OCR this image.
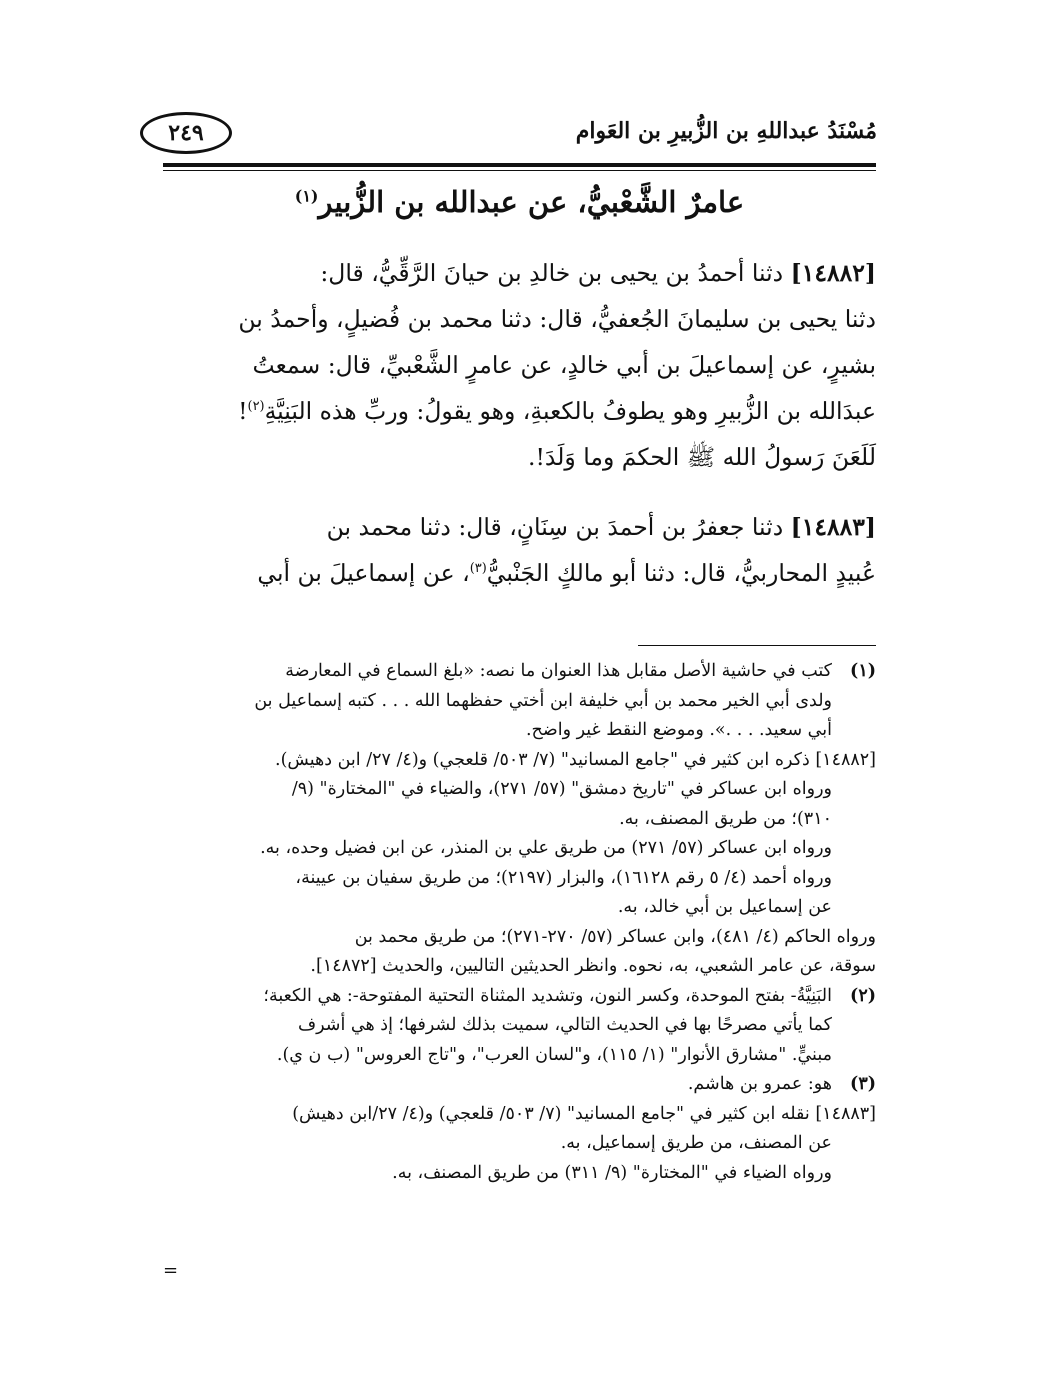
مُسْنَدُ عبداللهِ بن الزُّبيرِ بن العَوام
٢٤٩
عامرٌ الشَّعْبيُّ، عن عبدالله بن الزُّبير$^{(١)}$

[١٤٨٨٢] دثنا أحمدُ بن يحيى بن خالدِ بن حيانَ الرَّقِّيُّ، قال:
دثنا يحيى بن سليمانَ الجُعفيُّ، قال: دثنا محمد بن فُضيلٍ، وأحمدُ بن
بشيرٍ، عن إسماعيلَ بن أبي خالدٍ، عن عامرٍ الشَّعْبيِّ، قال: سمعتُ
عبدَالله بن الزُّبيرِ وهو يطوفُ بالكعبةِ، وهو يقولُ: وربِّ هذه البَنِيَّةِ$^{(٢)}$!
لَلَعَنَ رَسولُ الله ﷺ الحكمَ وما وَلَدَ!.

[١٤٨٨٣] دثنا جعفرُ بن أحمدَ بن سِنَانٍ، قال: دثنا محمد بن
عُبيدٍ المحاربيُّ، قال: دثنا أبو مالكٍ الجَنْبيُّ$^{(٣)}$، عن إسماعيلَ بن أبي

(١)
كتب في حاشية الأصل مقابل هذا العنوان ما نصه: «بلغ السماع في المعارضة
ولدى أبي الخير محمد بن أبي خليفة ابن أختي حفظهما الله . . . كتبه إسماعيل بن
أبي سعيد. . . .». وموضع النقط غير واضح.
[١٤٨٨٢] ذكره ابن كثير في "جامع المسانيد" (٧/ ٥٠٣/ قلعجي) و(٤/ ٢٧/ ابن دهيش).
ورواه ابن عساكر في "تاريخ دمشق" (٥٧/ ٢٧١)، والضياء في "المختارة" (٩/
٣١٠)؛ من طريق المصنف، به.
ورواه ابن عساكر (٥٧/ ٢٧١) من طريق علي بن المنذر، عن ابن فضيل وحده، به.
ورواه أحمد (٤/ ٥ رقم ١٦١٢٨)، والبزار (٢١٩٧)؛ من طريق سفيان بن عيينة،
عن إسماعيل بن أبي خالد، به.
ورواه الحاكم (٤/ ٤٨١)، وابن عساكر (٥٧/ ٢٧٠-٢٧١)؛ من طريق محمد بن
سوقة، عن عامر الشعبي، به، نحوه. وانظر الحديثين التاليين، والحديث [١٤٨٧٢].
(٢)
البَنِيَّةُ- بفتح الموحدة، وكسر النون، وتشديد المثناة التحتية المفتوحة-: هي الكعبة؛
كما يأتي مصرحًا بها في الحديث التالي، سميت بذلك لشرفها؛ إذ هي أشرف
مبنيٍّ. "مشارق الأنوار" (١/ ١١٥)، و"لسان العرب"، و"تاج العروس" (ب ن ي).
(٣)
هو: عمرو بن هاشم.
[١٤٨٨٣] نقله ابن كثير في "جامع المسانيد" (٧/ ٥٠٣/ قلعجي) و(٤/ ٢٧/ابن دهيش)
عن المصنف، من طريق إسماعيل، به.
ورواه الضياء في "المختارة" (٩/ ٣١١) من طريق المصنف، به.
=
